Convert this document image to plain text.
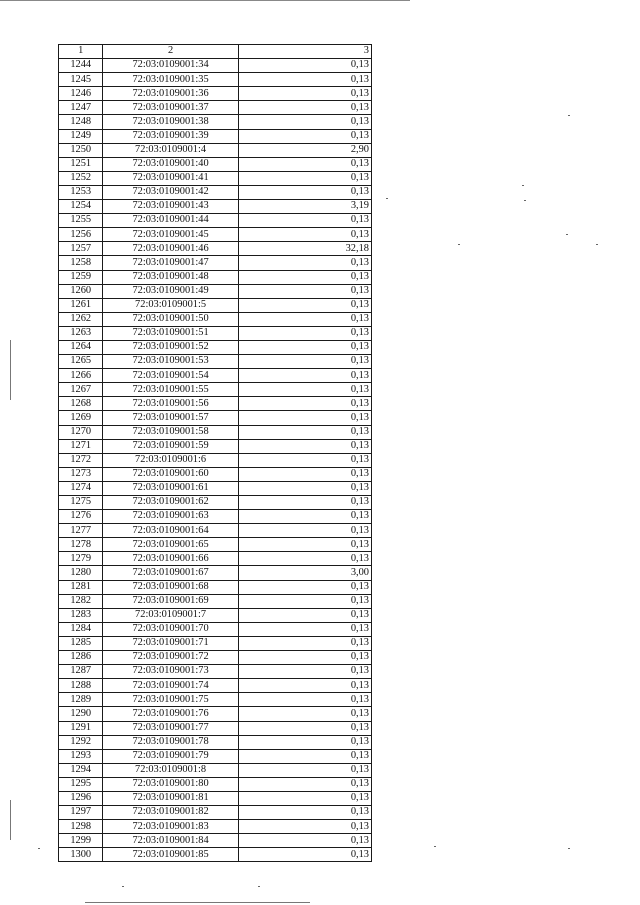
1	2	3
1244	72:03:0109001:34	0,13
1245	72:03:0109001:35	0,13
1246	72:03:0109001:36	0,13
1247	72:03:0109001:37	0,13
1248	72:03:0109001:38	0,13
1249	72:03:0109001:39	0,13
1250	72:03:0109001:4	2,90
1251	72:03:0109001:40	0,13
1252	72:03:0109001:41	0,13
1253	72:03:0109001:42	0,13
1254	72:03:0109001:43	3,19
1255	72:03:0109001:44	0,13
1256	72:03:0109001:45	0,13
1257	72:03:0109001:46	32,18
1258	72:03:0109001:47	0,13
1259	72:03:0109001:48	0,13
1260	72:03:0109001:49	0,13
1261	72:03:0109001:5	0,13
1262	72:03:0109001:50	0,13
1263	72:03:0109001:51	0,13
1264	72:03:0109001:52	0,13
1265	72:03:0109001:53	0,13
1266	72:03:0109001:54	0,13
1267	72:03:0109001:55	0,13
1268	72:03:0109001:56	0,13
1269	72:03:0109001:57	0,13
1270	72:03:0109001:58	0,13
1271	72:03:0109001:59	0,13
1272	72:03:0109001:6	0,13
1273	72:03:0109001:60	0,13
1274	72:03:0109001:61	0,13
1275	72:03:0109001:62	0,13
1276	72:03:0109001:63	0,13
1277	72:03:0109001:64	0,13
1278	72:03:0109001:65	0,13
1279	72:03:0109001:66	0,13
1280	72:03:0109001:67	3,00
1281	72:03:0109001:68	0,13
1282	72:03:0109001:69	0,13
1283	72:03:0109001:7	0,13
1284	72:03:0109001:70	0,13
1285	72:03:0109001:71	0,13
1286	72:03:0109001:72	0,13
1287	72:03:0109001:73	0,13
1288	72:03:0109001:74	0,13
1289	72:03:0109001:75	0,13
1290	72:03:0109001:76	0,13
1291	72:03:0109001:77	0,13
1292	72:03:0109001:78	0,13
1293	72:03:0109001:79	0,13
1294	72:03:0109001:8	0,13
1295	72:03:0109001:80	0,13
1296	72:03:0109001:81	0,13
1297	72:03:0109001:82	0,13
1298	72:03:0109001:83	0,13
1299	72:03:0109001:84	0,13
1300	72:03:0109001:85	0,13
